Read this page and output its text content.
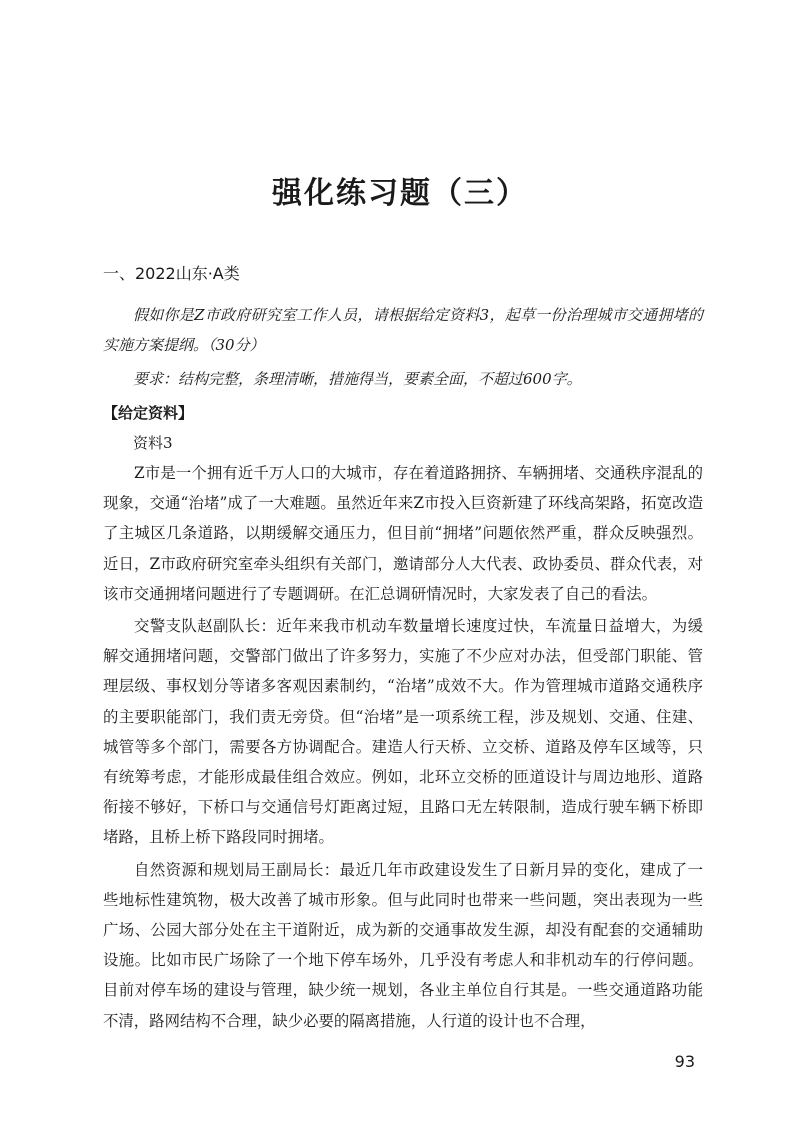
强化练习题（三）
一、2022山东·A类

假如你是Z市政府研究室工作人员，请根据给定资料3，起草一份治理城市交通拥堵的实施方案提纲。（30分）

要求：结构完整，条理清晰，措施得当，要素全面，不超过600字。

【给定资料】
资料3

Z市是一个拥有近千万人口的大城市，存在着道路拥挤、车辆拥堵、交通秩序混乱的现象，交通“治堵”成了一大难题。虽然近年来Z市投入巨资新建了环线高架路，拓宽改造了主城区几条道路，以期缓解交通压力，但目前“拥堵”问题依然严重，群众反映强烈。近日，Z市政府研究室牵头组织有关部门，邀请部分人大代表、政协委员、群众代表，对该市交通拥堵问题进行了专题调研。在汇总调研情况时，大家发表了自己的看法。

交警支队赵副队长：近年来我市机动车数量增长速度过快，车流量日益增大，为缓解交通拥堵问题，交警部门做出了许多努力，实施了不少应对办法，但受部门职能、管理层级、事权划分等诸多客观因素制约，“治堵”成效不大。作为管理城市道路交通秩序的主要职能部门，我们责无旁贷。但“治堵”是一项系统工程，涉及规划、交通、住建、城管等多个部门，需要各方协调配合。建造人行天桥、立交桥、道路及停车区域等，只有统筹考虑，才能形成最佳组合效应。例如，北环立交桥的匝道设计与周边地形、道路衔接不够好，下桥口与交通信号灯距离过短，且路口无左转限制，造成行驶车辆下桥即堵路，且桥上桥下路段同时拥堵。

自然资源和规划局王副局长：最近几年市政建设发生了日新月异的变化，建成了一些地标性建筑物，极大改善了城市形象。但与此同时也带来一些问题，突出表现为一些广场、公园大部分处在主干道附近，成为新的交通事故发生源，却没有配套的交通辅助设施。比如市民广场除了一个地下停车场外，几乎没有考虑人和非机动车的行停问题。目前对停车场的建设与管理，缺少统一规划，各业主单位自行其是。一些交通道路功能不清，路网结构不合理，缺少必要的隔离措施，人行道的设计也不合理，

93
